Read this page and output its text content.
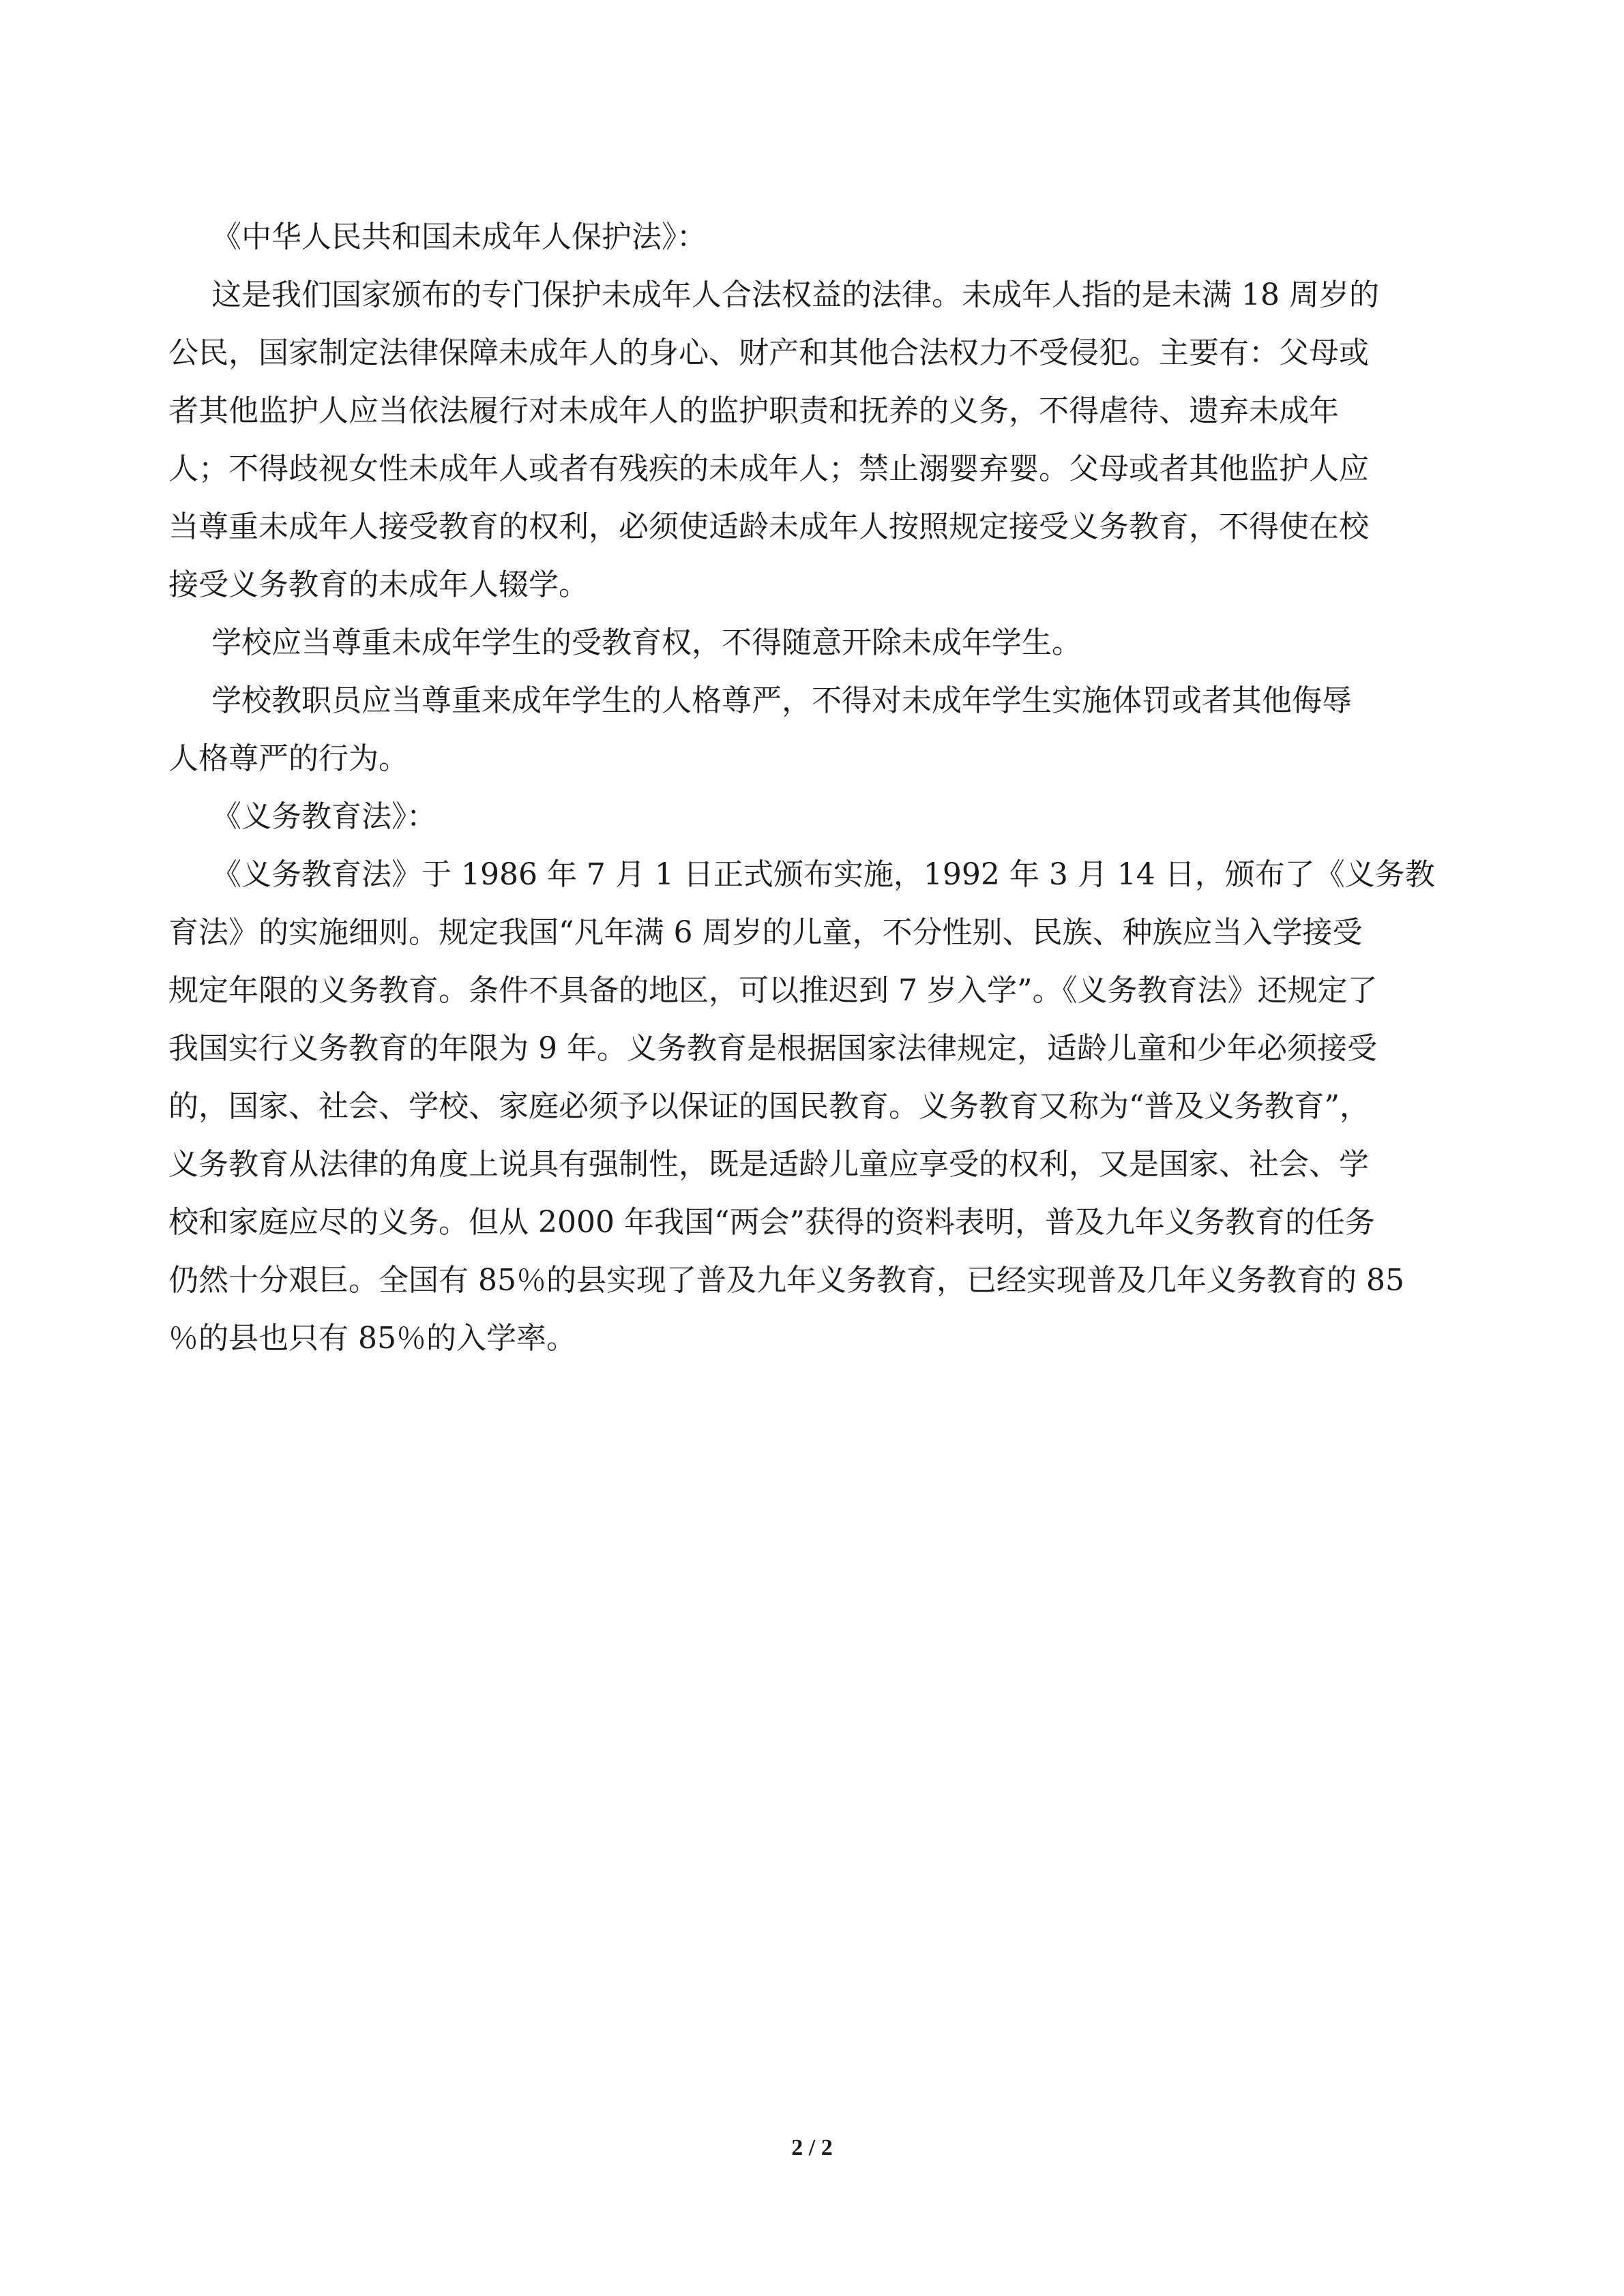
《中华人民共和国未成年人保护法》：
这是我们国家颁布的专门保护未成年人合法权益的法律。未成年人指的是未满 18 周岁的
公民，国家制定法律保障未成年人的身心、财产和其他合法权力不受侵犯。主要有：父母或
者其他监护人应当依法履行对未成年人的监护职责和抚养的义务，不得虐待、遗弃未成年
人；不得歧视女性未成年人或者有残疾的未成年人；禁止溺婴弃婴。父母或者其他监护人应
当尊重未成年人接受教育的权利，必须使适龄未成年人按照规定接受义务教育，不得使在校
接受义务教育的未成年人辍学。
学校应当尊重未成年学生的受教育权，不得随意开除未成年学生。
学校教职员应当尊重来成年学生的人格尊严，不得对未成年学生实施体罚或者其他侮辱
人格尊严的行为。
《义务教育法》：
《义务教育法》于 1986 年 7 月 1 日正式颁布实施，1992 年 3 月 14 日，颁布了《义务教
育法》的实施细则。规定我国“凡年满 6 周岁的儿童，不分性别、民族、种族应当入学接受
规定年限的义务教育。条件不具备的地区，可以推迟到 7 岁入学”。《义务教育法》还规定了
我国实行义务教育的年限为 9 年。义务教育是根据国家法律规定，适龄儿童和少年必须接受
的，国家、社会、学校、家庭必须予以保证的国民教育。义务教育又称为“普及义务教育”，
义务教育从法律的角度上说具有强制性，既是适龄儿童应享受的权利，又是国家、社会、学
校和家庭应尽的义务。但从 2000 年我国“两会”获得的资料表明，普及九年义务教育的任务
仍然十分艰巨。全国有 85％的县实现了普及九年义务教育，已经实现普及几年义务教育的 85
％的县也只有 85％的入学率。
2 / 2
